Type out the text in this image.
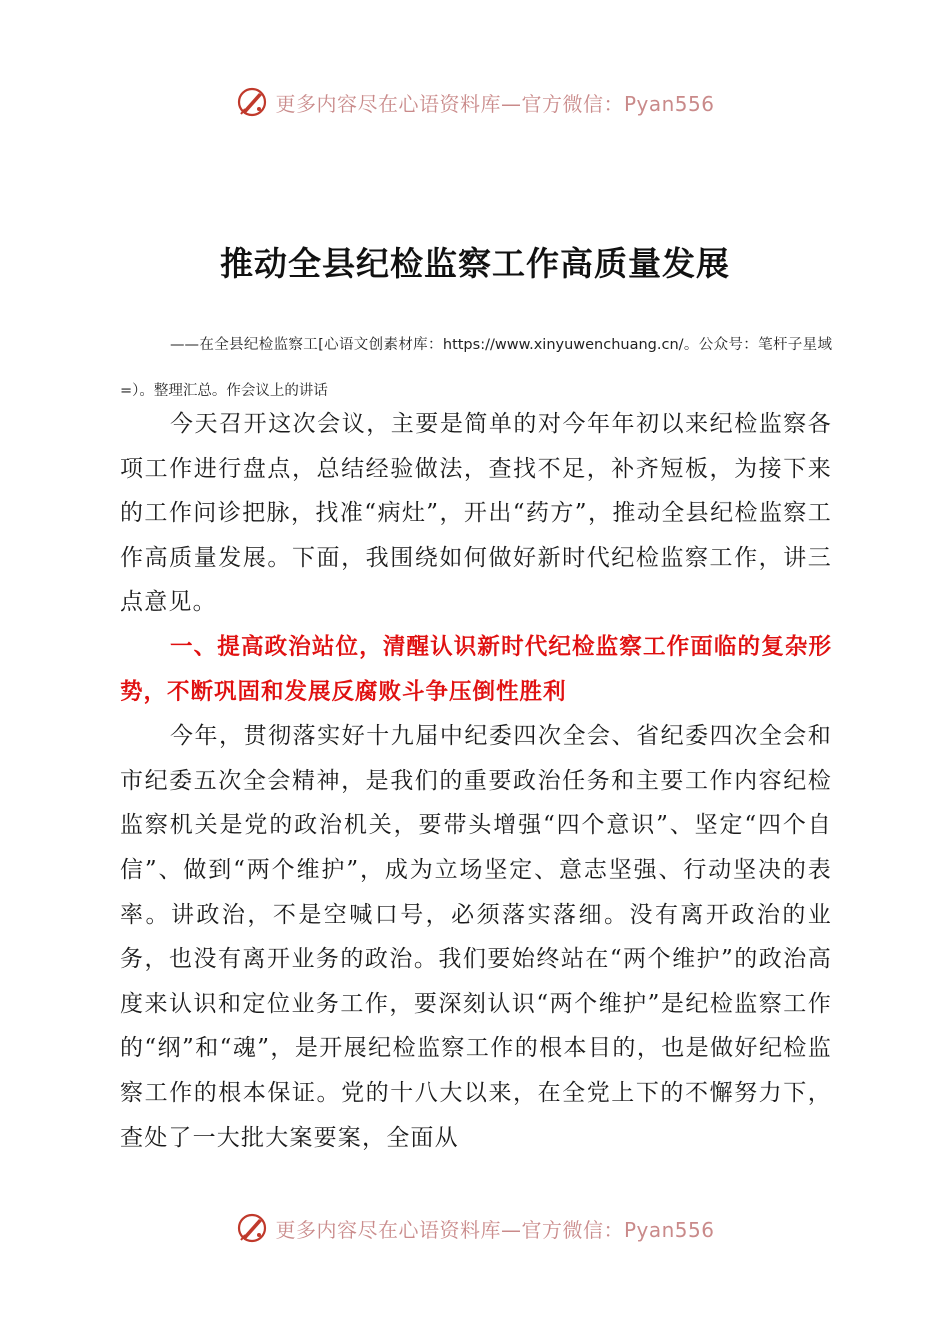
更多内容尽在心语资料库—官方微信：Pyan556
推动全县纪检监察工作高质量发展
——在全县纪检监察工[心语文创素材库：https://www.xinyuwenchuang.cn/。公众号：笔杆子星域=）。整理汇总。作会议上的讲话

今天召开这次会议，主要是简单的对今年年初以来纪检监察各项工作进行盘点，总结经验做法，查找不足，补齐短板，为接下来的工作问诊把脉，找准“病灶”，开出“药方”，推动全县纪检监察工作高质量发展。下面，我围绕如何做好新时代纪检监察工作，讲三点意见。

一、提高政治站位，清醒认识新时代纪检监察工作面临的复杂形势，不断巩固和发展反腐败斗争压倒性胜利

今年，贯彻落实好十九届中纪委四次全会、省纪委四次全会和市纪委五次全会精神，是我们的重要政治任务和主要工作内容纪检监察机关是党的政治机关，要带头增强“四个意识”、坚定“四个自信”、做到“两个维护”，成为立场坚定、意志坚强、行动坚决的表率。讲政治，不是空喊口号，必须落实落细。没有离开政治的业务，也没有离开业务的政治。我们要始终站在“两个维护”的政治高度来认识和定位业务工作，要深刻认识“两个维护”是纪检监察工作的“纲”和“魂”，是开展纪检监察工作的根本目的，也是做好纪检监察工作的根本保证。党的十八大以来，在全党上下的不懈努力下，查处了一大批大案要案，全面从

更多内容尽在心语资料库—官方微信：Pyan556
